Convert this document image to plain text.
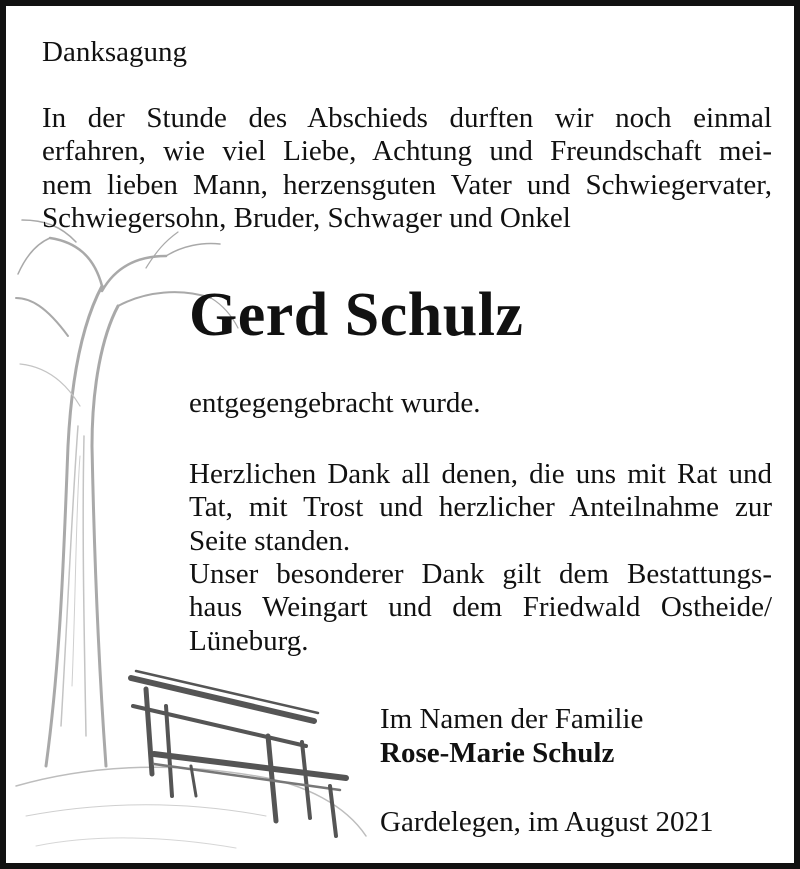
Danksagung

In der Stunde des Abschieds durften wir noch einmal
erfahren, wie viel Liebe, Achtung und Freundschaft mei-
nem lieben Mann, herzensguten Vater und Schwiegervater,
Schwiegersohn, Bruder, Schwager und Onkel

Gerd Schulz

entgegengebracht wurde.

Herzlichen Dank all denen, die uns mit Rat und
Tat, mit Trost und herzlicher Anteilnahme zur
Seite standen.
Unser besonderer Dank gilt dem Bestattungs-
haus Weingart und dem Friedwald Ostheide/
Lüneburg.

Im Namen der Familie

Rose-Marie Schulz

Gardelegen, im August 2021
